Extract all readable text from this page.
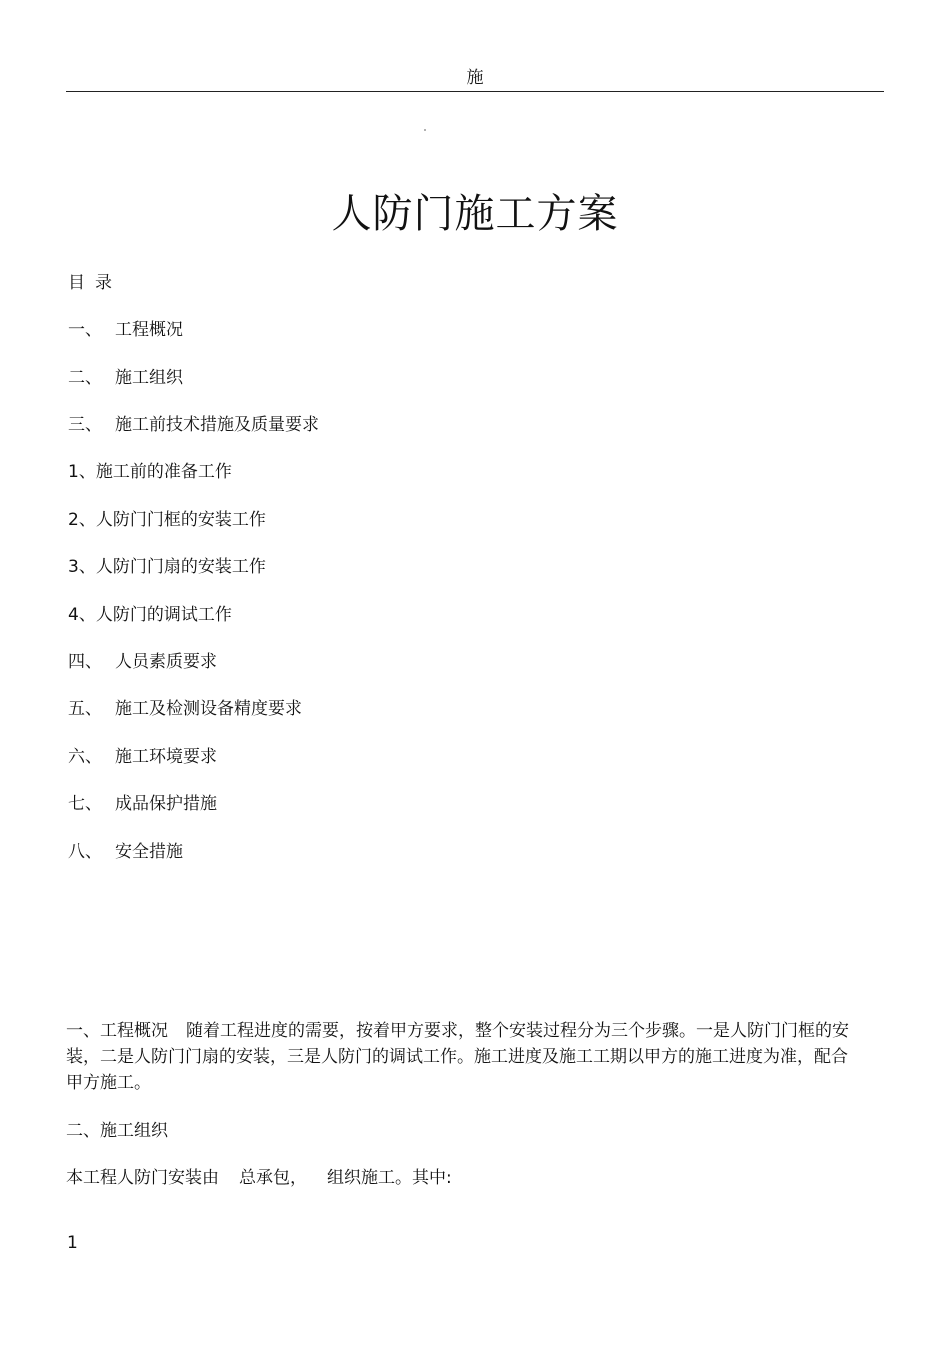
施
人防门施工方案
目 录
一、 工程概况
二、 施工组织
三、 施工前技术措施及质量要求
1、施工前的准备工作
2、人防门门框的安装工作
3、人防门门扇的安装工作
4、人防门的调试工作
四、 人员素质要求
五、 施工及检测设备精度要求
六、 施工环境要求
七、 成品保护措施
八、 安全措施

一、工程概况 随着工程进度的需要，按着甲方要求，整个安装过程分为三个步骤。一是人防门门框的安装，二是人防门门扇的安装，三是人防门的调试工作。施工进度及施工工期以甲方的施工进度为准，配合甲方施工。

二、施工组织

本工程人防门安装由 总承包， 组织施工。其中:

1
